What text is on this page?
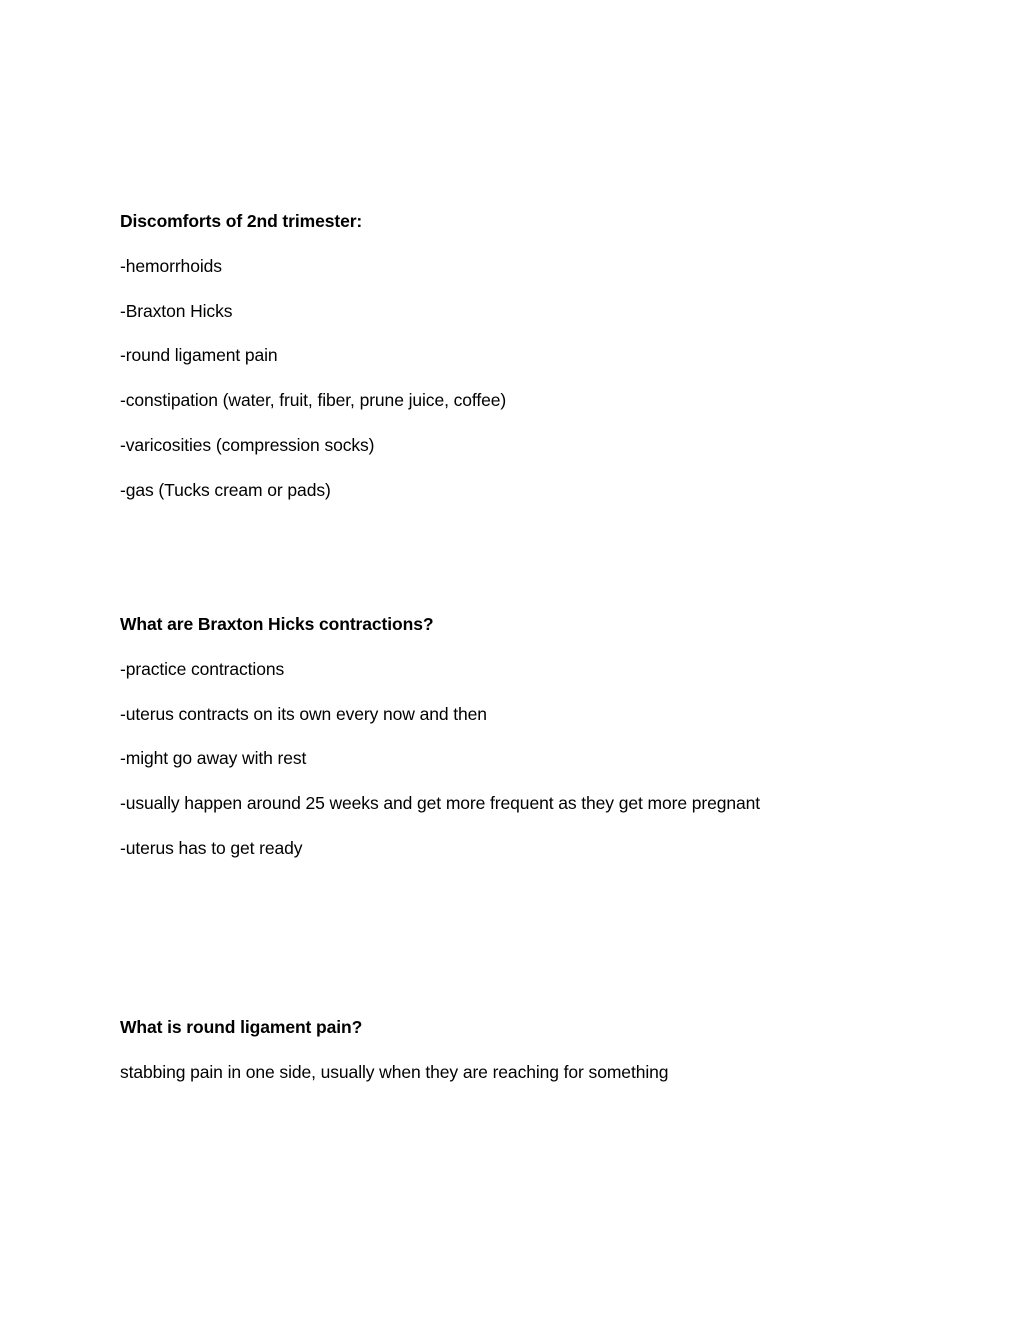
Discomforts of 2nd trimester:
-hemorrhoids
-Braxton Hicks
-round ligament pain
-constipation (water, fruit, fiber, prune juice, coffee)
-varicosities (compression socks)
-gas (Tucks cream or pads)
What are Braxton Hicks contractions?
-practice contractions
-uterus contracts on its own every now and then
-might go away with rest
-usually happen around 25 weeks and get more frequent as they get more pregnant
-uterus has to get ready
What is round ligament pain?
stabbing pain in one side, usually when they are reaching for something
